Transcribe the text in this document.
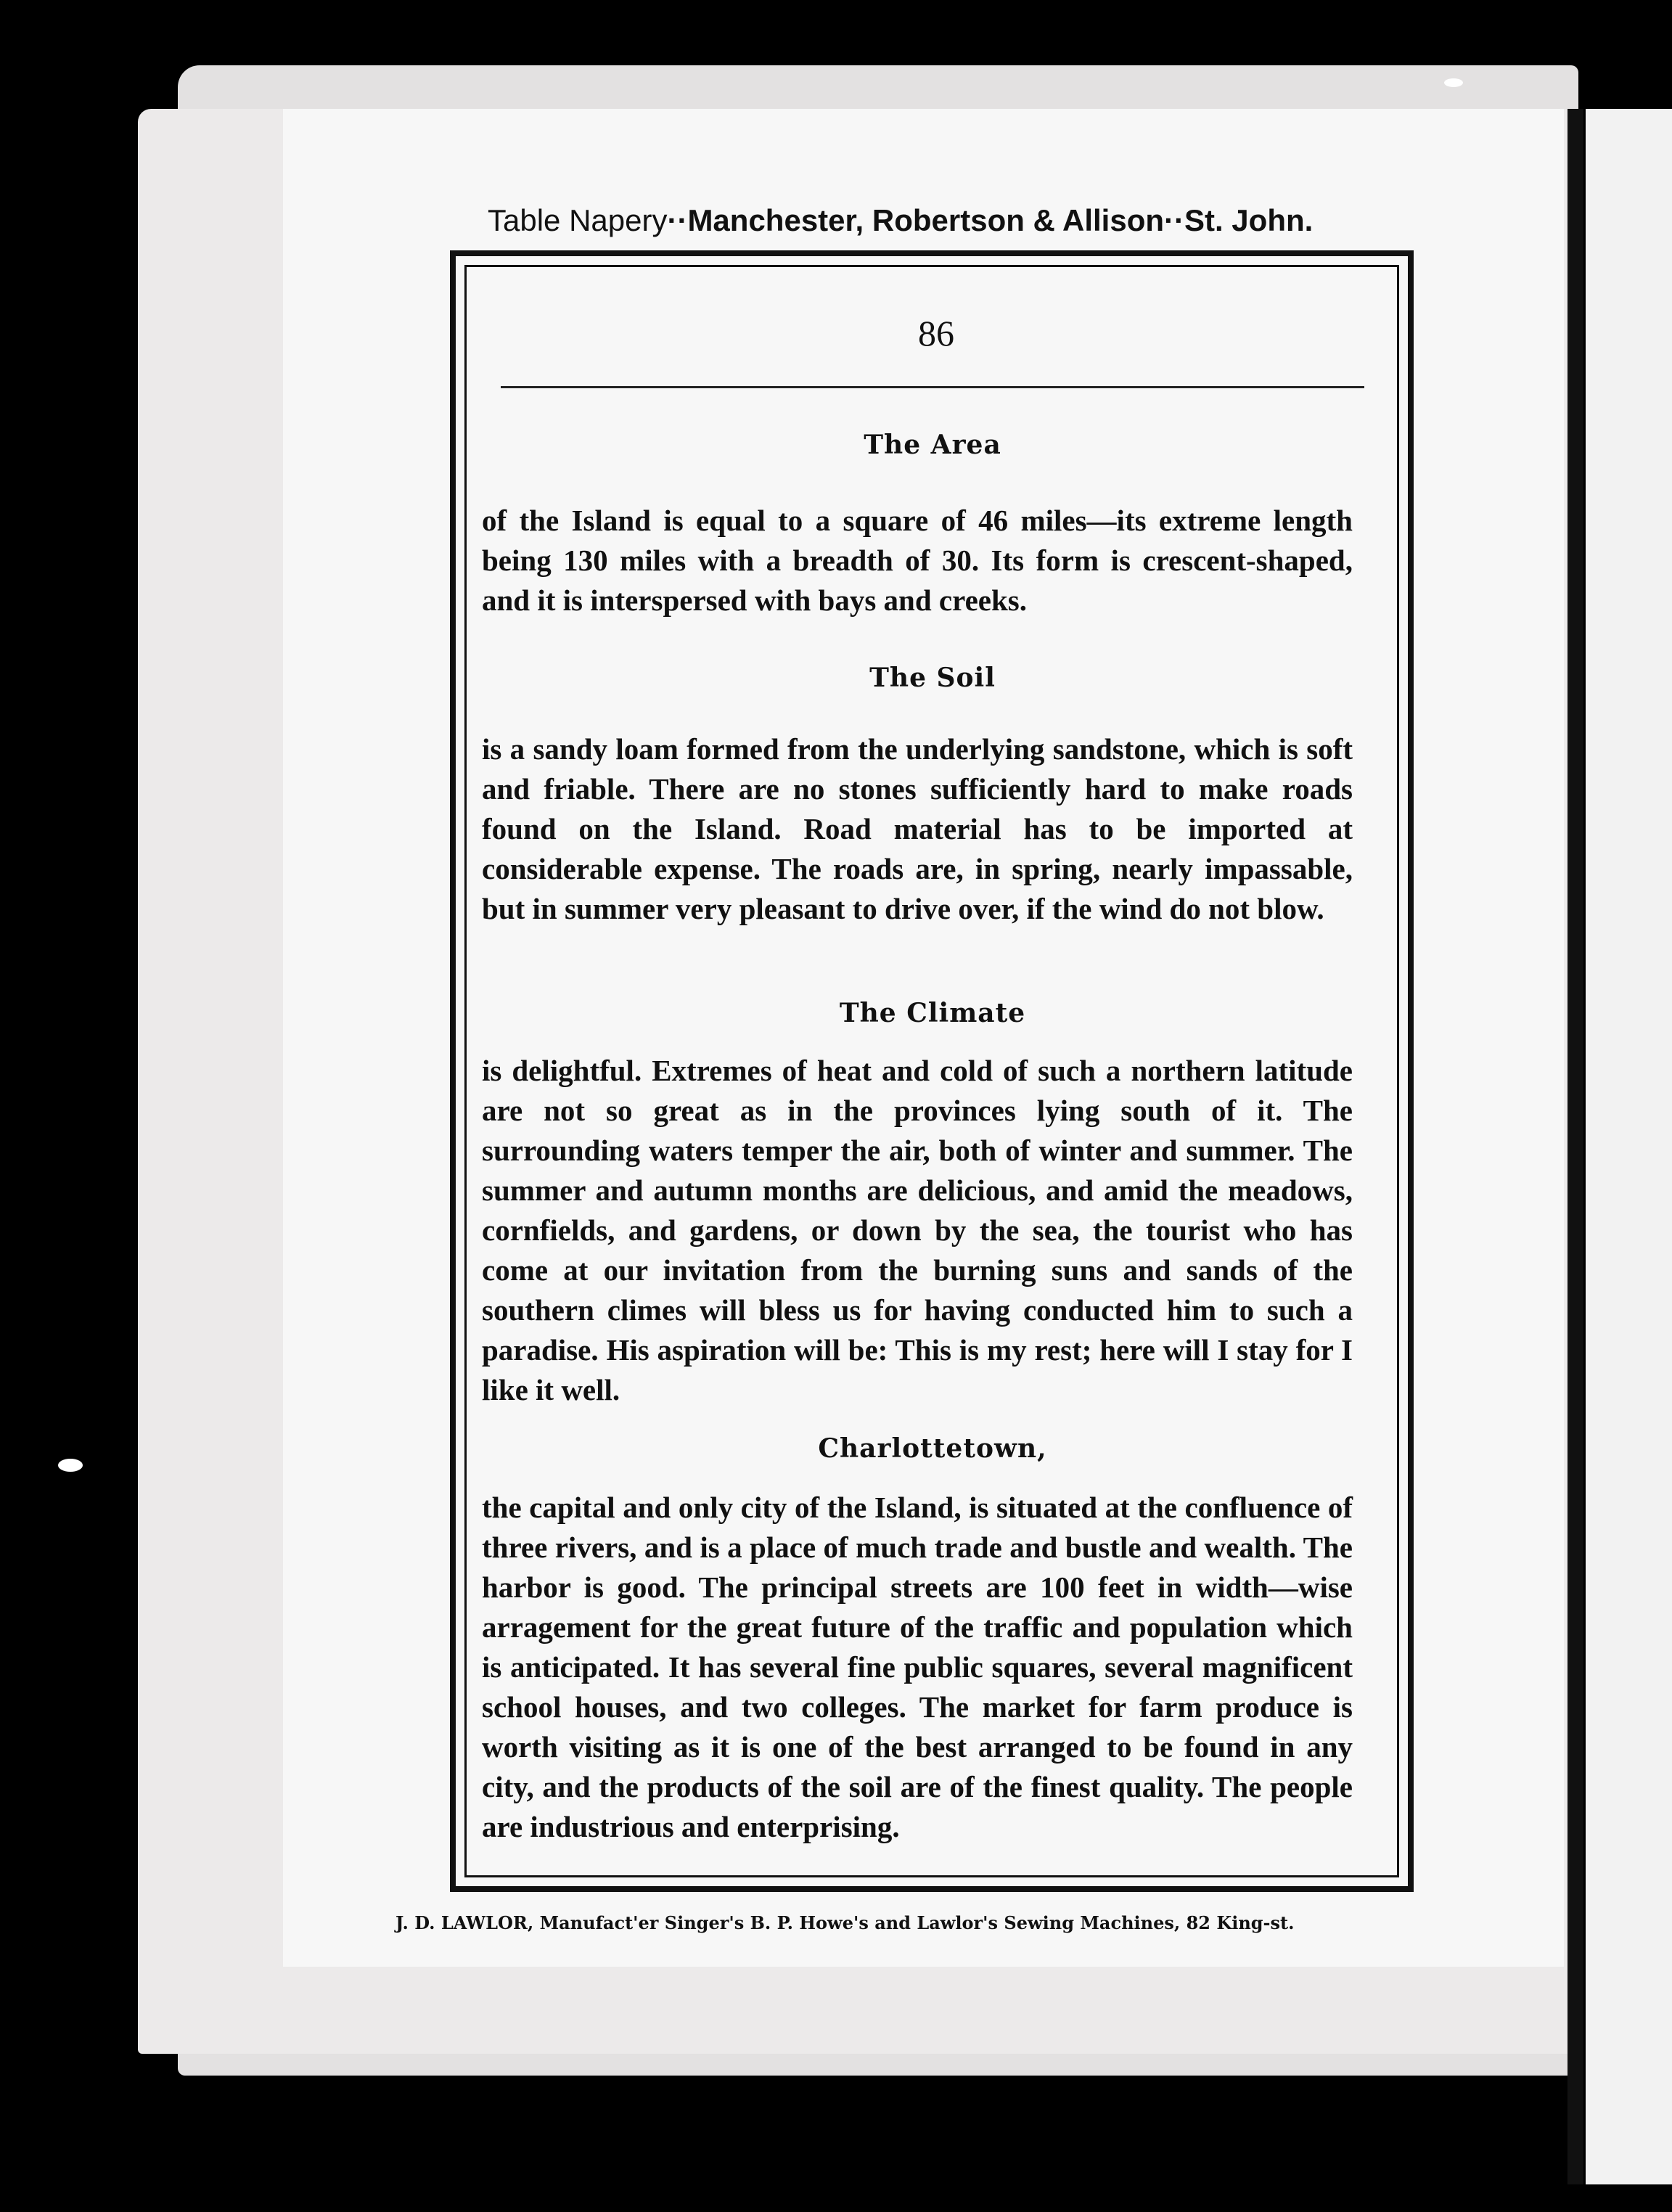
Table Napery··Manchester, Robertson & Allison··St. John.
86
The Area
of the Island is equal to a square of 46 miles—its extreme length being 130 miles with a breadth of 30. Its form is crescent-shaped, and it is interspersed with bays and creeks.
The Soil
is a sandy loam formed from the underlying sandstone, which is soft and friable. There are no stones sufficiently hard to make roads found on the Island. Road material has to be imported at considerable expense. The roads are, in spring, nearly impassable, but in summer very pleasant to drive over, if the wind do not blow.
The Climate
is delightful. Extremes of heat and cold of such a northern latitude are not so great as in the provinces lying south of it. The surrounding waters temper the air, both of winter and summer. The summer and autumn months are delicious, and amid the meadows, cornfields, and gardens, or down by the sea, the tourist who has come at our invitation from the burning suns and sands of the southern climes will bless us for having conducted him to such a paradise. His aspiration will be: This is my rest; here will I stay for I like it well.
Charlottetown,
the capital and only city of the Island, is situated at the confluence of three rivers, and is a place of much trade and bustle and wealth. The harbor is good. The principal streets are 100 feet in width—wise arragement for the great future of the traffic and population which is anticipated. It has several fine public squares, several magnificent school houses, and two colleges. The market for farm produce is worth visiting as it is one of the best arranged to be found in any city, and the products of the soil are of the finest quality. The people are industrious and enterprising.
J. D. LAWLOR, Manufact'er Singer's B. P. Howe's and Lawlor's Sewing Machines, 82 King-st.
